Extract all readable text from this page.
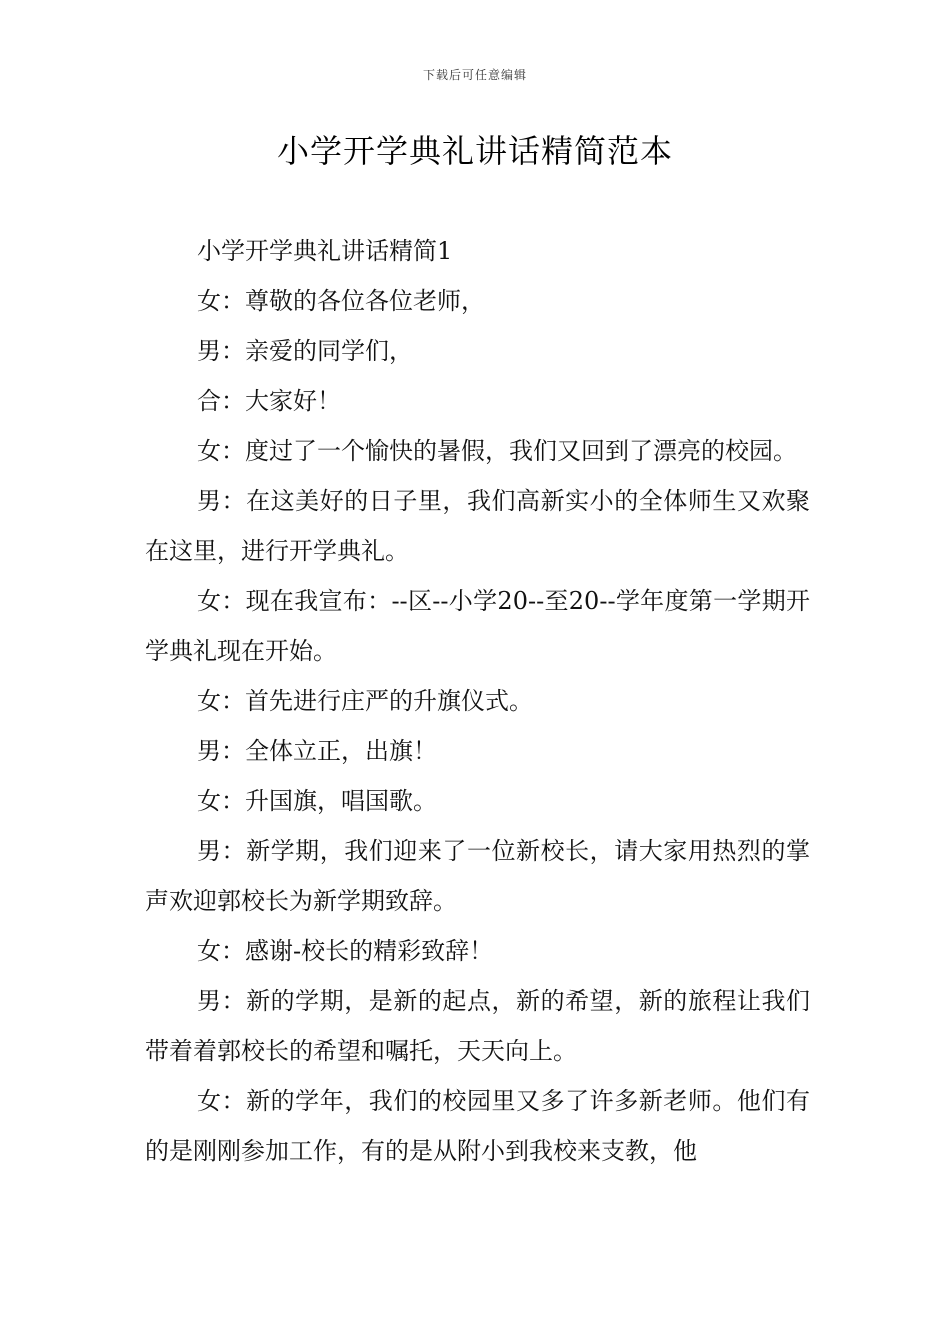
下载后可任意编辑
小学开学典礼讲话精简范本

小学开学典礼讲话精简1

女：尊敬的各位各位老师，

男：亲爱的同学们，

合：大家好！

女：度过了一个愉快的暑假，我们又回到了漂亮的校园。

男：在这美好的日子里，我们高新实小的全体师生又欢聚在这里，进行开学典礼。

女：现在我宣布：--区--小学20--至20--学年度第一学期开学典礼现在开始。

女：首先进行庄严的升旗仪式。

男：全体立正，出旗！

女：升国旗，唱国歌。

男：新学期，我们迎来了一位新校长，请大家用热烈的掌声欢迎郭校长为新学期致辞。

女：感谢-校长的精彩致辞！

男：新的学期，是新的起点，新的希望，新的旅程让我们带着着郭校长的希望和嘱托，天天向上。

女：新的学年，我们的校园里又多了许多新老师。他们有的是刚刚参加工作，有的是从附小到我校来支教，他
